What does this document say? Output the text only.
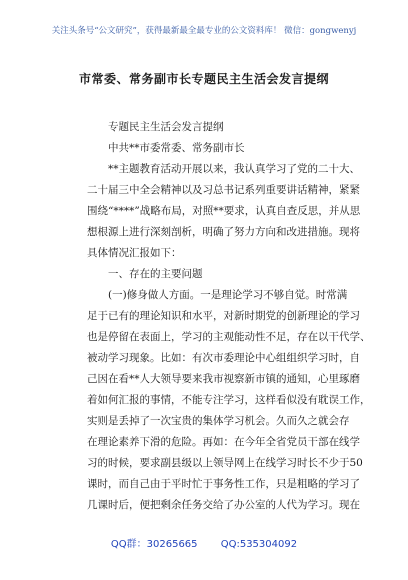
关注头条号“公文研究”，获得最新最全最专业的公文资料库！ 微信：gongwenyj
市常委、常务副市长专题民主生活会发言提纲
专题民主生活会发言提纲
中共**市委常委、常务副市长
**主题教育活动开展以来，我认真学习了党的二十大、
二十届三中全会精神以及习总书记系列重要讲话精神，紧紧
围绕“****”战略布局，对照**要求，认真自查反思，并从思
想根源上进行深刻剖析，明确了努力方向和改进措施。现将
具体情况汇报如下：
一、存在的主要问题
(一)修身做人方面。一是理论学习不够自觉。时常满
足于已有的理论知识和水平，对新时期党的创新理论的学习
也是停留在表面上，学习的主观能动性不足，存在以干代学、
被动学习现象。比如：有次市委理论中心组组织学习时，自
己因在看**人大领导要来我市视察新市镇的通知，心里琢磨
着如何汇报的事情，不能专注学习，这样看似没有耽误工作，
实则是丢掉了一次宝贵的集体学习机会。久而久之就会存
在理论素养下滑的危险。再如：在今年全省党员干部在线学
习的时候，要求副县级以上领导网上在线学习时长不少于50
课时，而自己由于平时忙于事务性工作，只是粗略的学习了
几课时后，便把剩余任务交给了办公室的人代为学习。现在
QQ群：30265665 QQ:535304092
